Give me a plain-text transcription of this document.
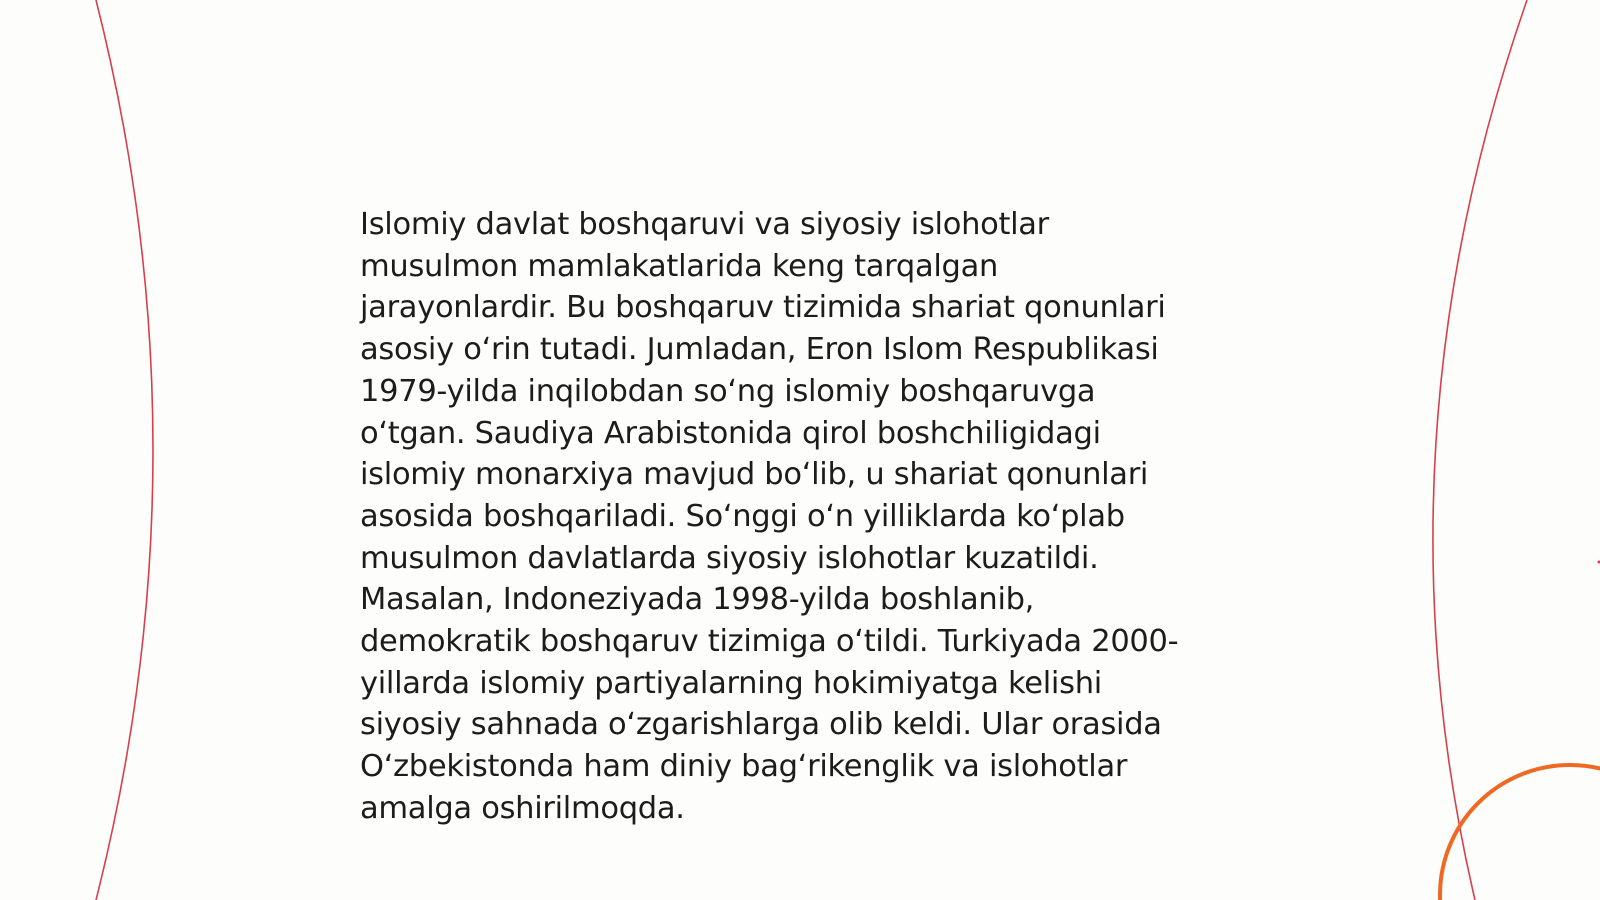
Islomiy davlat boshqaruvi va siyosiy islohotlar
musulmon mamlakatlarida keng tarqalgan
jarayonlardir. Bu boshqaruv tizimida shariat qonunlari
asosiy o‘rin tutadi. Jumladan, Eron Islom Respublikasi
1979-yilda inqilobdan so‘ng islomiy boshqaruvga
o‘tgan. Saudiya Arabistonida qirol boshchiligidagi
islomiy monarxiya mavjud bo‘lib, u shariat qonunlari
asosida boshqariladi. So‘nggi o‘n yilliklarda ko‘plab
musulmon davlatlarda siyosiy islohotlar kuzatildi.
Masalan, Indoneziyada 1998-yilda boshlanib,
demokratik boshqaruv tizimiga o‘tildi. Turkiyada 2000-
yillarda islomiy partiyalarning hokimiyatga kelishi
siyosiy sahnada o‘zgarishlarga olib keldi. Ular orasida
O‘zbekistonda ham diniy bag‘rikenglik va islohotlar
amalga oshirilmoqda.
